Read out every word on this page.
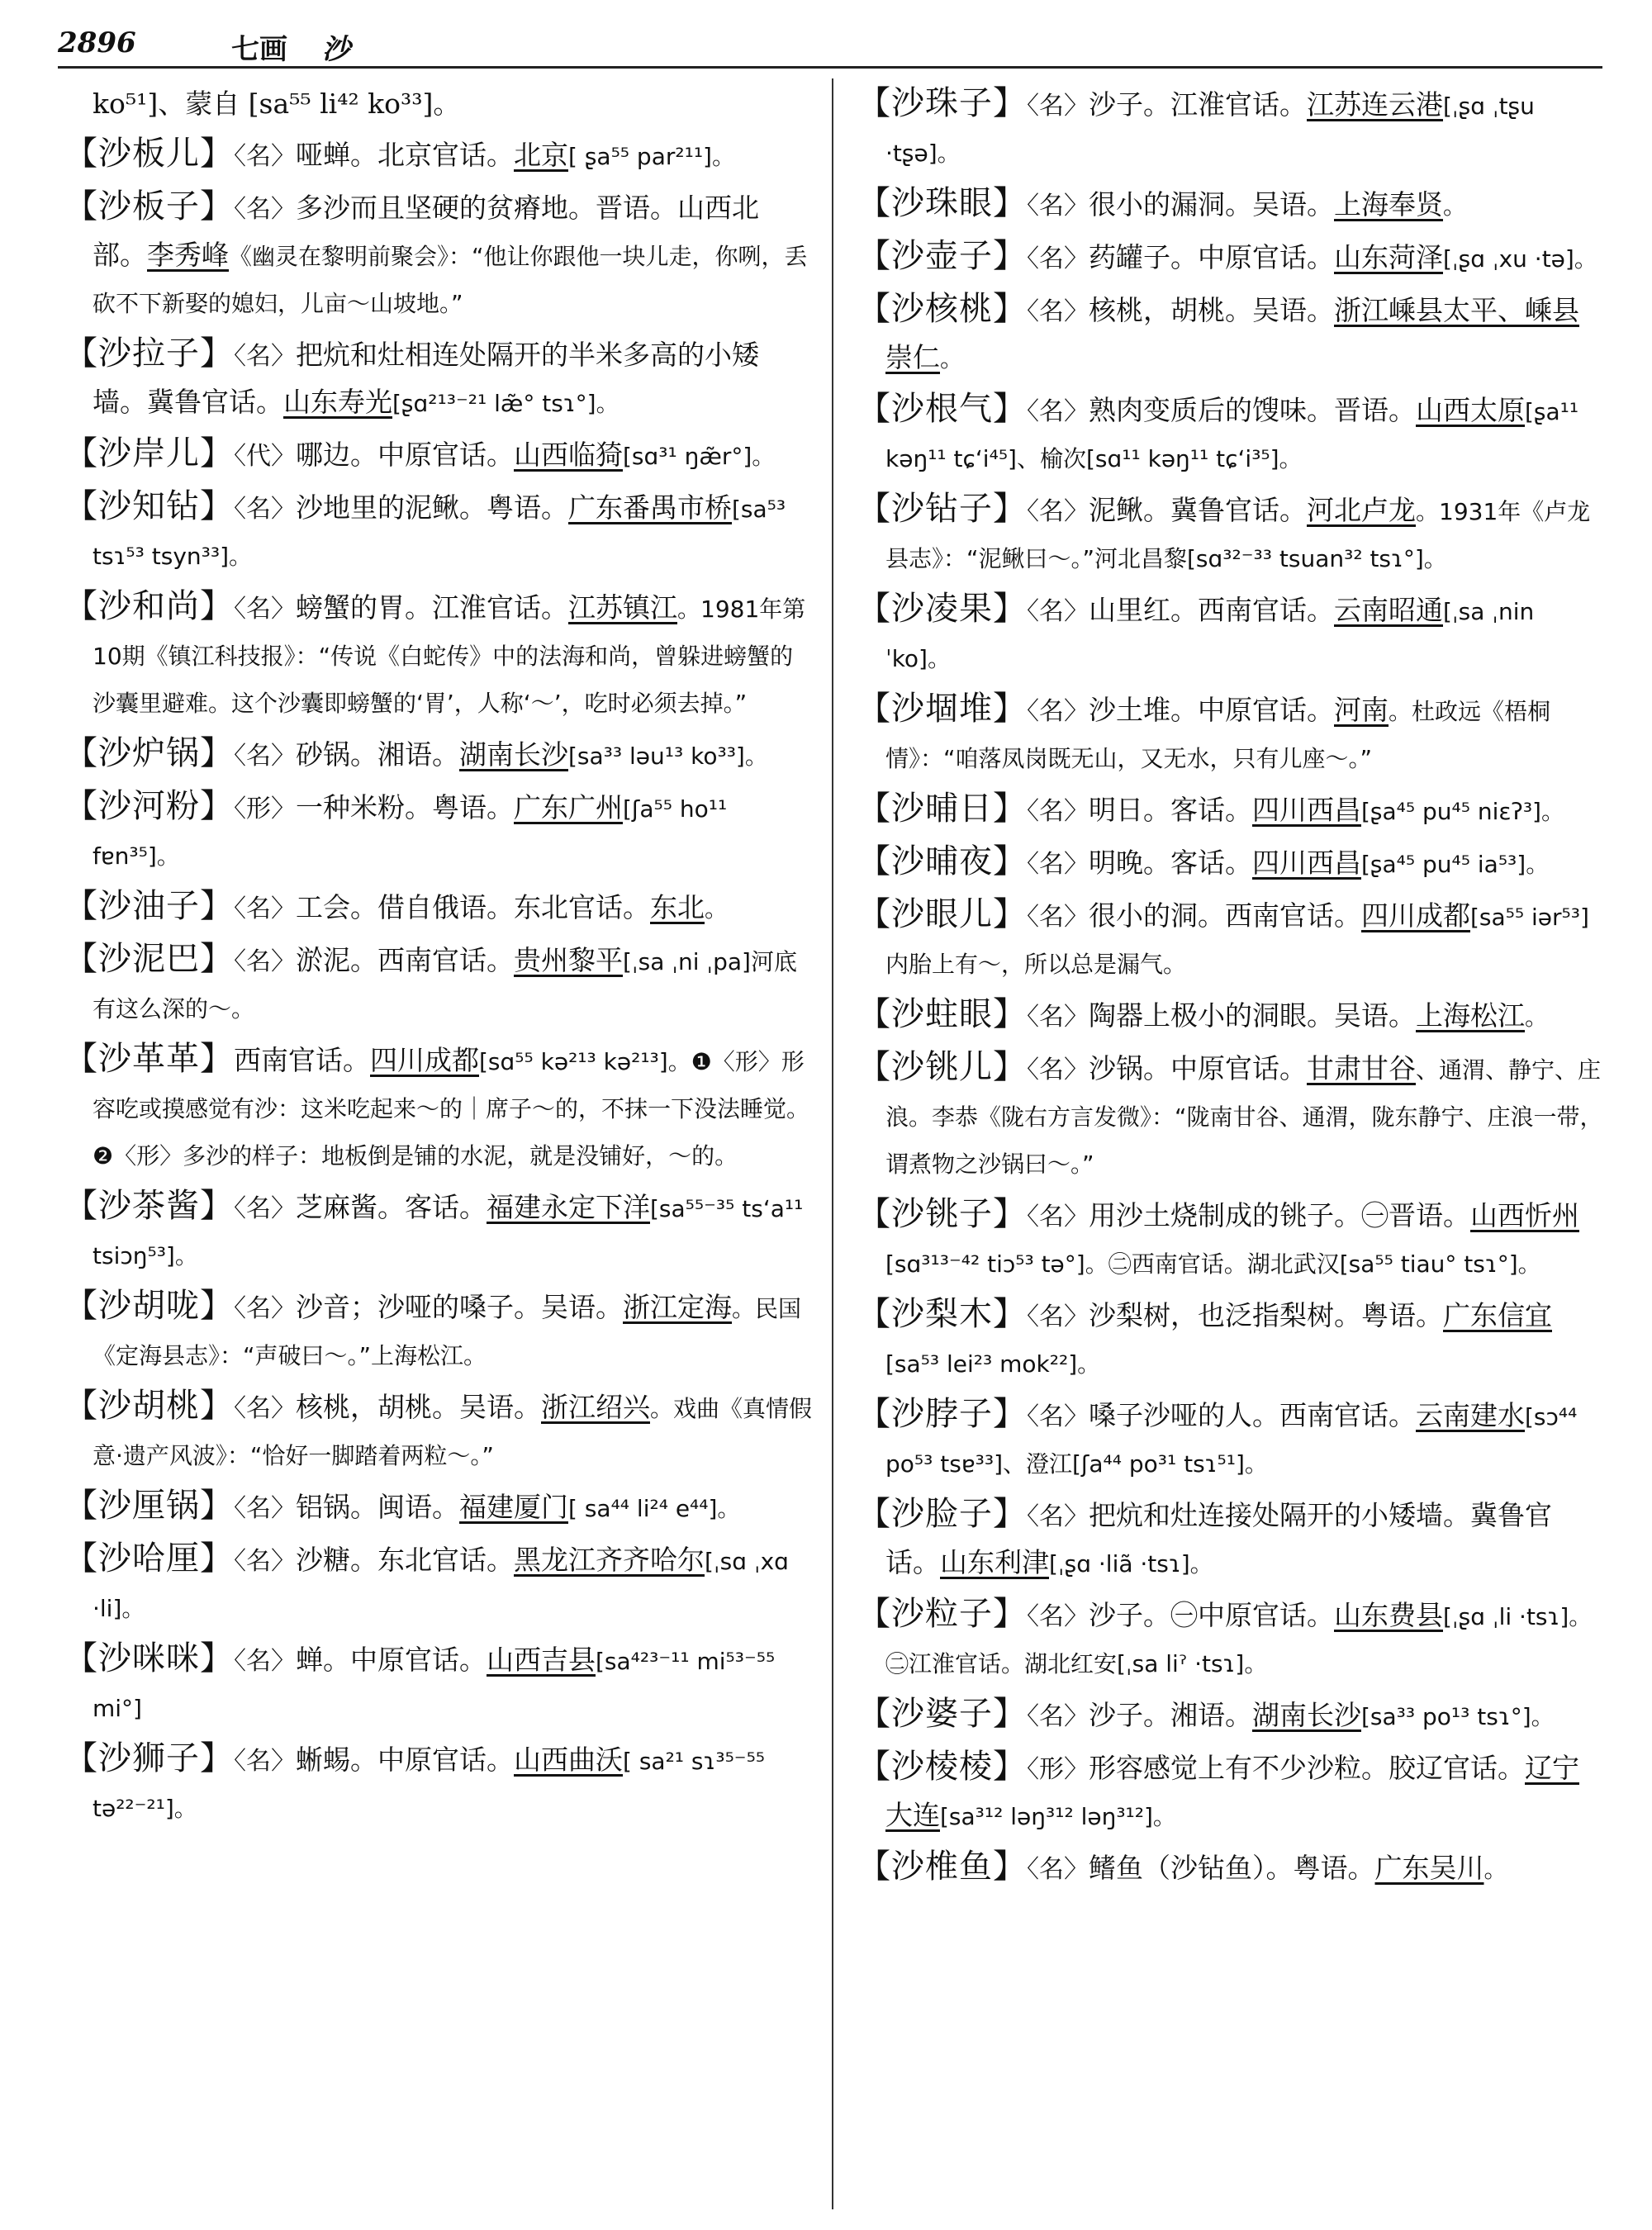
2896	七画 沙
ko⁵¹]、蒙自 [sa⁵⁵ li⁴² ko³³]。
【沙板儿】〈名〉哑蝉。北京官话。北京[ ʂa⁵⁵ par²¹¹]。
【沙板子】〈名〉多沙而且坚硬的贫瘠地。晋语。山西北部。李秀峰《幽灵在黎明前聚会》：“他让你跟他一块儿走，你咧，丢砍不下新娶的媳妇，儿亩～山坡地。”
【沙拉子】〈名〉把炕和灶相连处隔开的半米多高的小矮墙。冀鲁官话。山东寿光[ʂɑ²¹³⁻²¹ læ̃° tsɿ°]。
【沙岸儿】〈代〉哪边。中原官话。山西临猗[sɑ³¹ ŋæ̃r°]。
【沙知钻】〈名〉沙地里的泥鳅。粤语。广东番禺市桥[sa⁵³ tsɿ⁵³ tsyn³³]。
【沙和尚】〈名〉螃蟹的胃。江淮官话。江苏镇江。1981年第10期《镇江科技报》：“传说《白蛇传》中的法海和尚，曾躲进螃蟹的沙囊里避难。这个沙囊即螃蟹的‘胃’，人称‘～’，吃时必须去掉。”
【沙炉锅】〈名〉砂锅。湘语。湖南长沙[sa³³ ləu¹³ ko³³]。
【沙河粉】〈形〉一种米粉。粤语。广东广州[ʃa⁵⁵ ho¹¹ fɐn³⁵]。
【沙油子】〈名〉工会。借自俄语。东北官话。东北。
【沙泥巴】〈名〉淤泥。西南官话。贵州黎平[ˌsa ˌni ˌpa]河底有这么深的～。
【沙革革】西南官话。四川成都[sɑ⁵⁵ kə²¹³ kə²¹³]。❶〈形〉形容吃或摸感觉有沙：这米吃起来～的｜席子～的，不抹一下没法睡觉。❷〈形〉多沙的样子：地板倒是铺的水泥，就是没铺好，～的。
【沙茶酱】〈名〉芝麻酱。客话。福建永定下洋[sa⁵⁵⁻³⁵ tsʻa¹¹ tsiɔŋ⁵³]。
【沙胡咙】〈名〉沙音；沙哑的嗓子。吴语。浙江定海。民国《定海县志》：“声破曰～。”上海松江。
【沙胡桃】〈名〉核桃，胡桃。吴语。浙江绍兴。戏曲《真情假意·遗产风波》：“恰好一脚踏着两粒～。”
【沙厘锅】〈名〉铝锅。闽语。福建厦门[ sa⁴⁴ li²⁴ e⁴⁴]。
【沙哈厘】〈名〉沙糖。东北官话。黑龙江齐齐哈尔[ˌsɑ ˌxɑ ·li]。
【沙咪咪】〈名〉蝉。中原官话。山西吉县[sa⁴²³⁻¹¹ mi⁵³⁻⁵⁵ mi°]
【沙狮子】〈名〉蜥蜴。中原官话。山西曲沃[ sa²¹ sɿ³⁵⁻⁵⁵ tə²²⁻²¹]。
【沙珠子】〈名〉沙子。江淮官话。江苏连云港[ˌʂɑ ˌtʂu ·tʂə]。
【沙珠眼】〈名〉很小的漏洞。吴语。上海奉贤。
【沙壶子】〈名〉药罐子。中原官话。山东菏泽[ˌʂɑ ˌxu ·tə]。
【沙核桃】〈名〉核桃，胡桃。吴语。浙江嵊县太平、嵊县崇仁。
【沙根气】〈名〉熟肉变质后的馊味。晋语。山西太原[ʂa¹¹ kəŋ¹¹ tɕʻi⁴⁵]、榆次[sɑ¹¹ kəŋ¹¹ tɕʻi³⁵]。
【沙钻子】〈名〉泥鳅。冀鲁官话。河北卢龙。1931年《卢龙县志》：“泥鳅曰～。”河北昌黎[sɑ³²⁻³³ tsuan³² tsɿ°]。
【沙凌果】〈名〉山里红。西南官话。云南昭通[ˌsa ˌnin ˈko]。
【沙堌堆】〈名〉沙土堆。中原官话。河南。杜政远《梧桐情》：“咱落凤岗既无山，又无水，只有儿座～。”
【沙晡日】〈名〉明日。客话。四川西昌[ʂa⁴⁵ pu⁴⁵ niɛʔ³]。
【沙晡夜】〈名〉明晚。客话。四川西昌[ʂa⁴⁵ pu⁴⁵ ia⁵³]。
【沙眼儿】〈名〉很小的洞。西南官话。四川成都[sa⁵⁵ iər⁵³]内胎上有～，所以总是漏气。
【沙蛀眼】〈名〉陶器上极小的洞眼。吴语。上海松江。
【沙铫儿】〈名〉沙锅。中原官话。甘肃甘谷、通渭、静宁、庄浪。李恭《陇右方言发微》：“陇南甘谷、通渭，陇东静宁、庄浪一带，谓煮物之沙锅曰～。”
【沙铫子】〈名〉用沙土烧制成的铫子。㊀晋语。山西忻州[sɑ³¹³⁻⁴² tiɔ⁵³ tə°]。㊁西南官话。湖北武汉[sa⁵⁵ tiau° tsɿ°]。
【沙梨木】〈名〉沙梨树，也泛指梨树。粤语。广东信宜[sa⁵³ lei²³ mok²²]。
【沙脖子】〈名〉嗓子沙哑的人。西南官话。云南建水[sɔ⁴⁴ po⁵³ tsɐ³³]、澄江[ʃa⁴⁴ po³¹ tsɿ⁵¹]。
【沙脸子】〈名〉把炕和灶连接处隔开的小矮墙。冀鲁官话。山东利津[ˌʂɑ ·liã ·tsɿ]。
【沙粒子】〈名〉沙子。㊀中原官话。山东费县[ˌʂɑ ˌli ·tsɿ]。㊁江淮官话。湖北红安[ˌsa liˀ ·tsɿ]。
【沙婆子】〈名〉沙子。湘语。湖南长沙[sa³³ po¹³ tsɿ°]。
【沙棱棱】〈形〉形容感觉上有不少沙粒。胶辽官话。辽宁大连[sa³¹² ləŋ³¹² ləŋ³¹²]。
【沙椎鱼】〈名〉鳍鱼（沙钻鱼）。粤语。广东吴川。
